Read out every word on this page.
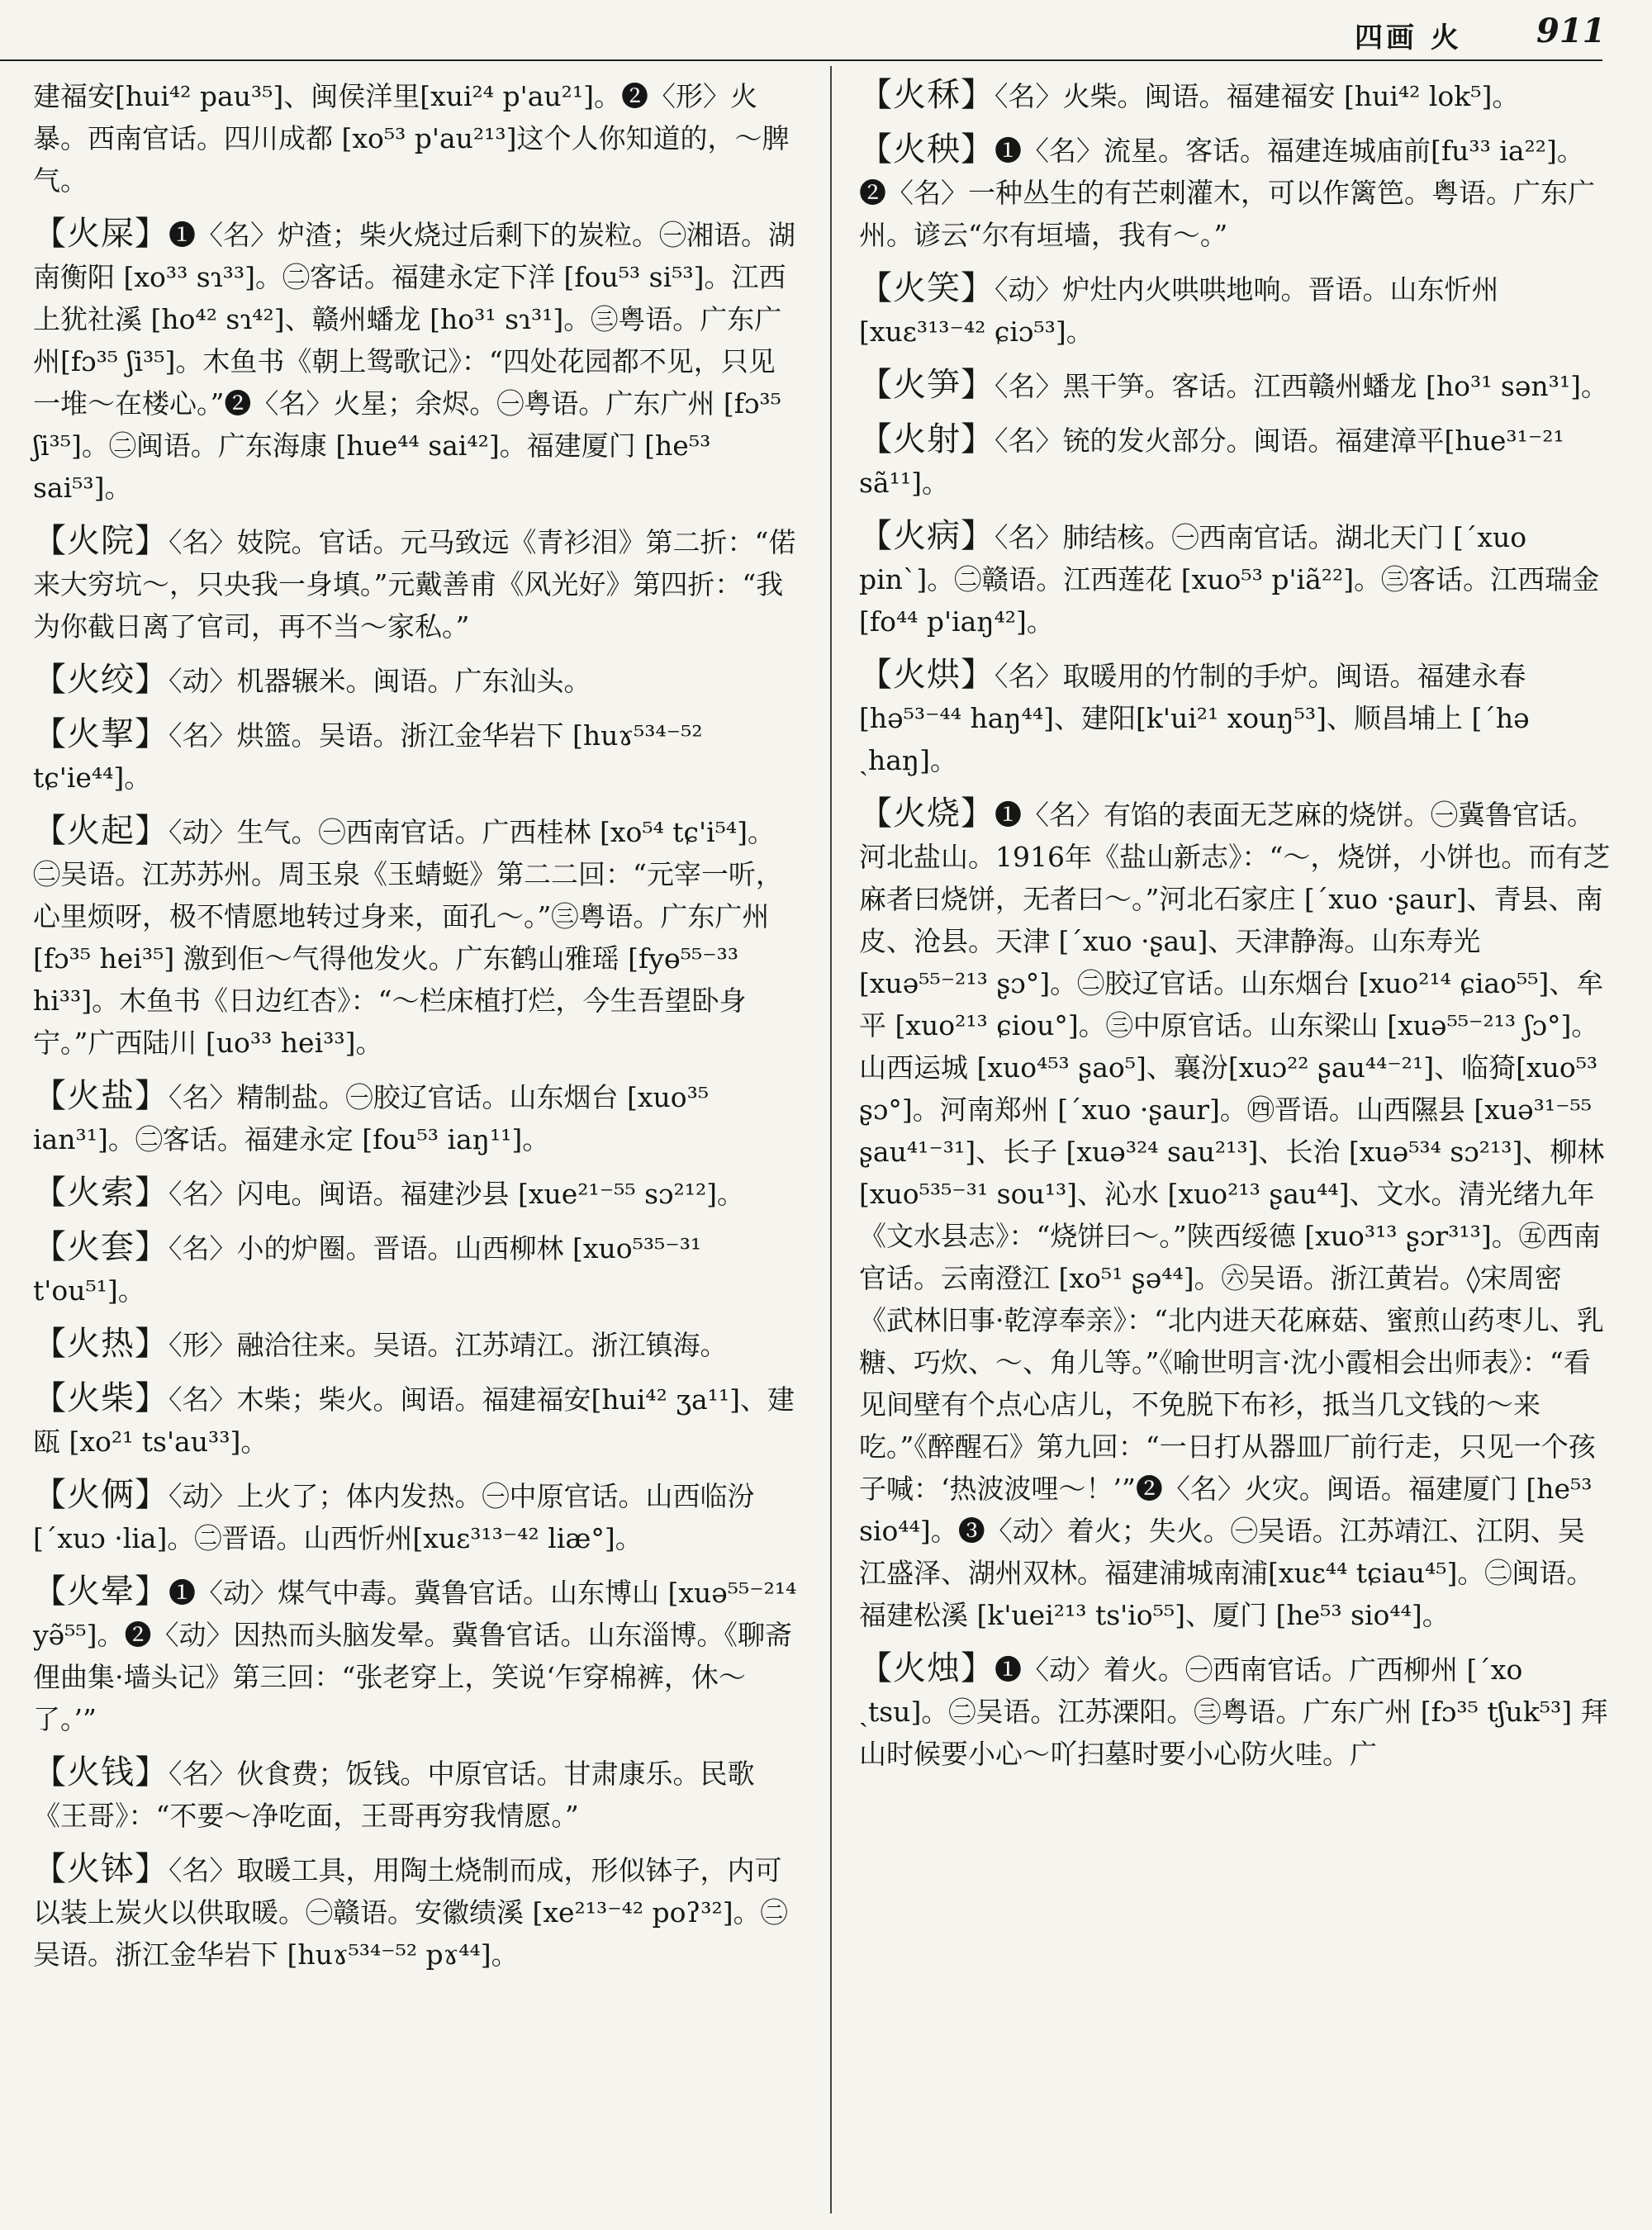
四画 火 911

建福安[hui⁴² pau³⁵]、闽侯洋里[xui²⁴ p'au²¹]。❷〈形〉火暴。西南官话。四川成都 [xo⁵³ p'au²¹³]这个人你知道的，～脾气。

【火屎】❶〈名〉炉渣；柴火烧过后剩下的炭粒。㊀湘语。湖南衡阳 [xo³³ sɿ³³]。㊁客话。福建永定下洋 [fou⁵³ si⁵³]。江西上犹社溪 [ho⁴² sɿ⁴²]、赣州蟠龙 [ho³¹ sɿ³¹]。㊂粤语。广东广州[fɔ³⁵ ʃi³⁵]。木鱼书《朝上鸳歌记》：“四处花园都不见，只见一堆～在楼心。”❷〈名〉火星；余烬。㊀粤语。广东广州 [fɔ³⁵ ʃi³⁵]。㊁闽语。广东海康 [hue⁴⁴ sai⁴²]。福建厦门 [he⁵³ sai⁵³]。

【火院】〈名〉妓院。官话。元马致远《青衫泪》第二折：“偌来大穷坑～，只央我一身填。”元戴善甫《风光好》第四折：“我为你截日离了官司，再不当～家私。”

【火绞】〈动〉机器辗米。闽语。广东汕头。

【火挈】〈名〉烘篮。吴语。浙江金华岩下 [huɤ⁵³⁴⁻⁵² tɕ'ie⁴⁴]。

【火起】〈动〉生气。㊀西南官话。广西桂林 [xo⁵⁴ tɕ'i⁵⁴]。㊁吴语。江苏苏州。周玉泉《玉蜻蜓》第二二回：“元宰一听，心里烦呀，极不情愿地转过身来，面孔～。”㊂粤语。广东广州 [fɔ³⁵ hei³⁵] 激到佢～气得他发火。广东鹤山雅瑶 [fyɵ⁵⁵⁻³³ hi³³]。木鱼书《日边红杏》：“～栏床植打烂，今生吾望卧身宁。”广西陆川 [uo³³ hei³³]。

【火盐】〈名〉精制盐。㊀胶辽官话。山东烟台 [xuo³⁵ ian³¹]。㊁客话。福建永定 [fou⁵³ iaŋ¹¹]。

【火索】〈名〉闪电。闽语。福建沙县 [xue²¹⁻⁵⁵ sɔ²¹²]。

【火套】〈名〉小的炉圈。晋语。山西柳林 [xuo⁵³⁵⁻³¹ t'ou⁵¹]。

【火热】〈形〉融洽往来。吴语。江苏靖江。浙江镇海。

【火柴】〈名〉木柴；柴火。闽语。福建福安[hui⁴² ʒa¹¹]、建瓯 [xo²¹ ts'au³³]。

【火俩】〈动〉上火了；体内发热。㊀中原官话。山西临汾[ˊxuɔ ·lia]。㊁晋语。山西忻州[xuɛ³¹³⁻⁴² liæ°]。

【火晕】❶〈动〉煤气中毒。冀鲁官话。山东博山 [xuə⁵⁵⁻²¹⁴ yə̃⁵⁵]。❷〈动〉因热而头脑发晕。冀鲁官话。山东淄博。《聊斋俚曲集·墙头记》第三回：“张老穿上，笑说‘乍穿棉裤，休～了。’”

【火钱】〈名〉伙食费；饭钱。中原官话。甘肃康乐。民歌《王哥》：“不要～净吃面，王哥再穷我情愿。”

【火钵】〈名〉取暖工具，用陶土烧制而成，形似钵子，内可以装上炭火以供取暖。㊀赣语。安徽绩溪 [xe²¹³⁻⁴² poʔ³²]。㊁吴语。浙江金华岩下 [huɤ⁵³⁴⁻⁵² pɤ⁴⁴]。

【火秝】〈名〉火柴。闽语。福建福安 [hui⁴² lok⁵]。

【火秧】❶〈名〉流星。客话。福建连城庙前[fu³³ ia²²]。❷〈名〉一种丛生的有芒刺灌木，可以作篱笆。粤语。广东广州。谚云“尔有垣墙，我有～。”

【火笑】〈动〉炉灶内火哄哄地响。晋语。山东忻州 [xuɛ³¹³⁻⁴² ɕiɔ⁵³]。

【火笋】〈名〉黑干笋。客话。江西赣州蟠龙 [ho³¹ sən³¹]。

【火射】〈名〉铳的发火部分。闽语。福建漳平[hue³¹⁻²¹ sã¹¹]。

【火病】〈名〉肺结核。㊀西南官话。湖北天门 [ˊxuo pinˋ]。㊁赣语。江西莲花 [xuo⁵³ p'iã²²]。㊂客话。江西瑞金 [fo⁴⁴ p'iaŋ⁴²]。

【火烘】〈名〉取暖用的竹制的手炉。闽语。福建永春 [hə⁵³⁻⁴⁴ haŋ⁴⁴]、建阳[k'ui²¹ xouŋ⁵³]、顺昌埔上 [ˊhə ˏhaŋ]。

【火烧】❶〈名〉有馅的表面无芝麻的烧饼。㊀冀鲁官话。河北盐山。1916年《盐山新志》：“～，烧饼，小饼也。而有芝麻者曰烧饼，无者曰～。”河北石家庄 [ˊxuo ·ʂaur]、青县、南皮、沧县。天津 [ˊxuo ·ʂau]、天津静海。山东寿光 [xuə⁵⁵⁻²¹³ ʂɔ°]。㊁胶辽官话。山东烟台 [xuo²¹⁴ ɕiao⁵⁵]、牟平 [xuo²¹³ ɕiou°]。㊂中原官话。山东梁山 [xuə⁵⁵⁻²¹³ ʃɔ°]。山西运城 [xuo⁴⁵³ ʂao⁵]、襄汾[xuɔ²² ʂau⁴⁴⁻²¹]、临猗[xuo⁵³ ʂɔ°]。河南郑州 [ˊxuo ·ʂaur]。㊃晋语。山西隰县 [xuə³¹⁻⁵⁵ ʂau⁴¹⁻³¹]、长子 [xuə³²⁴ sau²¹³]、长治 [xuə⁵³⁴ sɔ²¹³]、柳林 [xuo⁵³⁵⁻³¹ sou¹³]、沁水 [xuo²¹³ ʂau⁴⁴]、文水。清光绪九年《文水县志》：“烧饼曰～。”陕西绥德 [xuo³¹³ ʂɔr³¹³]。㊄西南官话。云南澄江 [xo⁵¹ ʂə⁴⁴]。㊅吴语。浙江黄岩。◊宋周密《武林旧事·乾淳奉亲》：“北内进天花麻菇、蜜煎山药枣儿、乳糖、巧炊、～、角儿等。”《喻世明言·沈小霞相会出师表》：“看见间壁有个点心店儿，不免脱下布衫，抵当几文钱的～来吃。”《醉醒石》第九回：“一日打从器皿厂前行走，只见一个孩子喊：‘热波波哩～！’”❷〈名〉火灾。闽语。福建厦门 [he⁵³ sio⁴⁴]。❸〈动〉着火；失火。㊀吴语。江苏靖江、江阴、吴江盛泽、湖州双林。福建浦城南浦[xuɛ⁴⁴ tɕiau⁴⁵]。㊁闽语。福建松溪 [k'uei²¹³ ts'io⁵⁵]、厦门 [he⁵³ sio⁴⁴]。

【火烛】❶〈动〉着火。㊀西南官话。广西柳州 [ˊxo ˏtsu]。㊁吴语。江苏溧阳。㊂粤语。广东广州 [fɔ³⁵ tʃuk⁵³] 拜山时候要小心～吖扫墓时要小心防火哇。广
